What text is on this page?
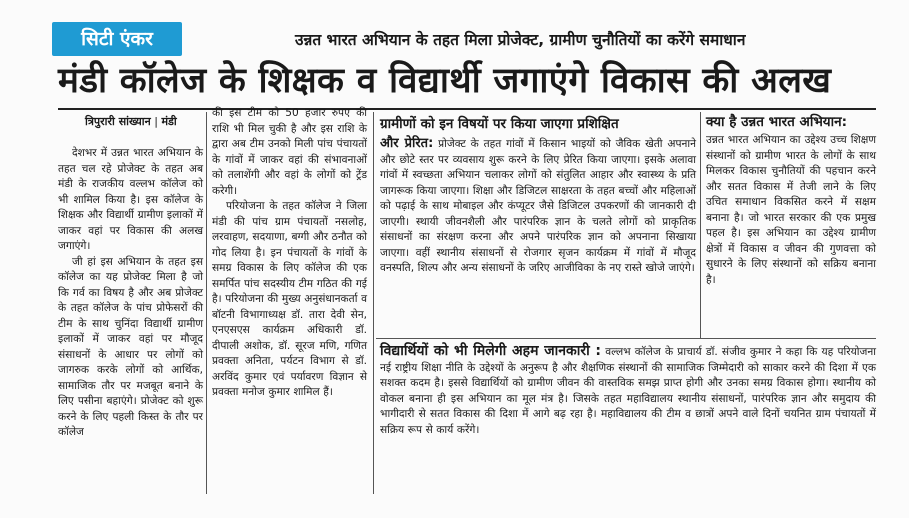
सिटी एंकर	उन्नत भारत अभियान के तहत मिला प्रोजेक्ट, ग्रामीण चुनौतियों का करेंगे समाधान
मंडी कॉलेज के शिक्षक व विद्यार्थी जगाएंगे विकास की अलख
त्रिपुरारी सांख्यान | मंडी

देशभर में उन्नत भारत अभियान के तहत चल रहे प्रोजेक्ट के तहत अब मंडी के राजकीय वल्लभ कॉलेज को भी शामिल किया है। इस कॉलेज के शिक्षक और विद्यार्थी ग्रामीण इलाकों में जाकर वहां पर विकास की अलख जगाएंगे।

जी हां इस अभियान के तहत इस कॉलेज का यह प्रोजेक्ट मिला है जो कि गर्व का विषय है और अब प्रोजेक्ट के तहत कॉलेज के पांच प्रोफेसरों की टीम के साथ चुनिंदा विद्यार्थी ग्रामीण इलाकों में जाकर वहां पर मौजूद संसाधनों के आधार पर लोगों को जागरुक करके लोगों को आर्थिक, सामाजिक तौर पर मजबूत बनाने के लिए पसीना बहाएंगे। प्रोजेक्ट को शुरू करने के लिए पहली किस्त के तौर पर कॉलेज

की इस टीम को 50 हजार रुपए की राशि भी मिल चुकी है और इस राशि के द्वारा अब टीम उनको मिली पांच पंचायतों के गांवों में जाकर वहां की संभावनाओं को तलाशेंगी और वहां के लोगों को ट्रेंड करेगी।

परियोजना के तहत कॉलेज ने जिला मंडी की पांच ग्राम पंचायतों नसलोह, लरवाहण, सदयाणा, बग्गी और ठनौत को गोद लिया है। इन पंचायतों के गांवों के समग्र विकास के लिए कॉलेज की एक समर्पित पांच सदस्यीय टीम गठित की गई है। परियोजना की मुख्य अनुसंधानकर्ता व बॉटनी विभागाध्यक्ष डॉ. तारा देवी सेन, एनएसएस कार्यक्रम अधिकारी डॉ. दीपाली अशोक, डॉ. सूरज मणि, गणित प्रवक्ता अनिता, पर्यटन विभाग से डॉ. अरविंद कुमार एवं पर्यावरण विज्ञान से प्रवक्ता मनोज कुमार शामिल हैं।

ग्रामीणों को इन विषयों पर किया जाएगा प्रशिक्षित
और प्रेरित: प्रोजेक्ट के तहत गांवों में किसान भाइयों को जैविक खेती अपनाने और छोटे स्तर पर व्यवसाय शुरू करने के लिए प्रेरित किया जाएगा। इसके अलावा गांवों में स्वच्छता अभियान चलाकर लोगों को संतुलित आहार और स्वास्थ्य के प्रति जागरूक किया जाएगा। शिक्षा और डिजिटल साक्षरता के तहत बच्चों और महिलाओं को पढ़ाई के साथ मोबाइल और कंप्यूटर जैसे डिजिटल उपकरणों की जानकारी दी जाएगी। स्थायी जीवनशैली और पारंपरिक ज्ञान के चलते लोगों को प्राकृतिक संसाधनों का संरक्षण करना और अपने पारंपरिक ज्ञान को अपनाना सिखाया जाएगा। वहीं स्थानीय संसाधनों से रोजगार सृजन कार्यक्रम में गांवों में मौजूद वनस्पति, शिल्प और अन्य संसाधनों के जरिए आजीविका के नए रास्ते खोजे जाएंगे।
क्या है उन्नत भारत अभियान:
उन्नत भारत अभियान का उद्देश्य उच्च शिक्षण संस्थानों को ग्रामीण भारत के लोगों के साथ मिलकर विकास चुनौतियों की पहचान करने और सतत विकास में तेजी लाने के लिए उचित समाधान विकसित करने में सक्षम बनाना है। जो भारत सरकार की एक प्रमुख पहल है। इस अभियान का उद्देश्य ग्रामीण क्षेत्रों में विकास व जीवन की गुणवत्ता को सुधारने के लिए संस्थानों को सक्रिय बनाना है।
विद्यार्थियों को भी मिलेगी अहम जानकारी : वल्लभ कॉलेज के प्राचार्य डॉ. संजीव कुमार ने कहा कि यह परियोजना नई राष्ट्रीय शिक्षा नीति के उद्देश्यों के अनुरूप है और शैक्षणिक संस्थानों की सामाजिक जिम्मेदारी को साकार करने की दिशा में एक सशक्त कदम है। इससे विद्यार्थियों को ग्रामीण जीवन की वास्तविक समझ प्राप्त होगी और उनका समग्र विकास होगा। स्थानीय को वोकल बनाना ही इस अभियान का मूल मंत्र है। जिसके तहत महाविद्यालय स्थानीय संसाधनों, पारंपरिक ज्ञान और समुदाय की भागीदारी से सतत विकास की दिशा में आगे बढ़ रहा है। महाविद्यालय की टीम व छात्रों अपने वाले दिनों चयनित ग्राम पंचायतों में सक्रिय रूप से कार्य करेंगे।
